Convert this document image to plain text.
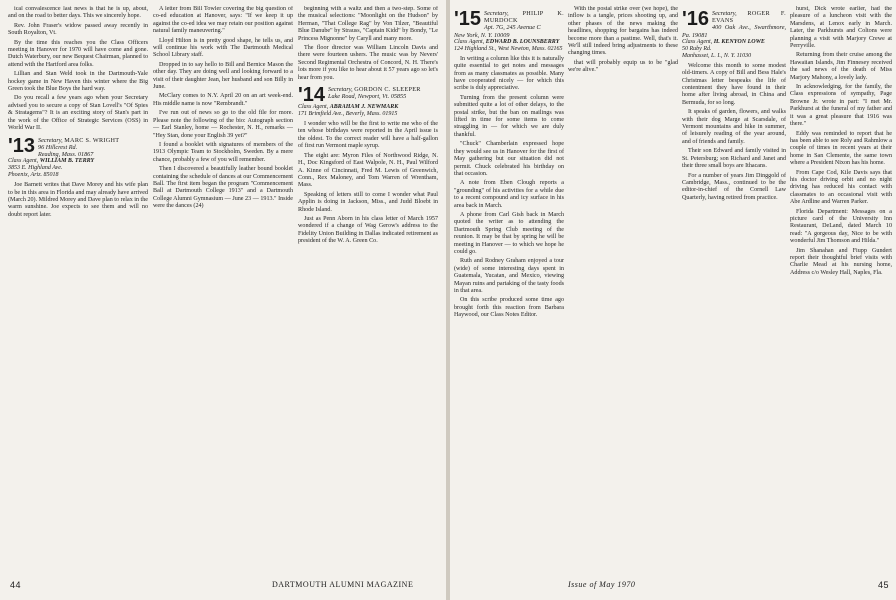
ical convalescence last news is that he is up, about, and on the road to better days. This we sincerely hope.

Rev. John Fraser's widow passed away recently in South Royalton, Vt.

By the time this reaches you the Class Officers meeting in Hanover for 1970 will have come and gone. Dutch Waterbury, our new Bequest Chairman, planned to attend with the Hartford area folks.

Lillian and Stan Weld took in the Dartmouth-Yale hockey game in New Haven this winter where the Big Green took the Blue Boys the hard way.

Do you recall a few years ago when your Secretary advised you to secure a copy of Stan Lovell's "Of Spies & Stratagems"? It is an exciting story of Stan's part in the work of the Office of Strategic Services (OSS) in World War II.

'13 Secretary, MARC S. WRIGHT
96 Hillcrest Rd.
Reading, Mass. 01867
Class Agent, WILLIAM B. TERRY
3853 E. Highland Ave.
Phoenix, Ariz. 85018

Joe Barnett writes that Dave Morey and his wife plan to be in this area in Florida and may already have arrived (March 20). Mildred Morey and Dave plan to relax in the warm sunshine. Joe expects to see them and will no doubt report later.

A letter from Bill Towler covering the big question of co-ed education at Hanover, says: "If we keep it up against the co-ed idea we may retain our position against natural family maneuvering."

Lloyd Hilton is in pretty good shape, he tells us, and will continue his work with The Dartmouth Medical School Library staff.

Dropped in to say hello to Bill and Bernice Mason the other day. They are doing well and looking forward to a visit of their daughter Jean, her husband and son Billy in June.

McClary comes to N.Y. April 20 on an art week-end. His middle name is now "Rembrandt."

I've run out of news so go to the old file for more. Please note the following of the bio: Autograph section — Earl Stanley, home — Rochester, N. H., remarks — "Hey Stan, done your English 39 yet?"

I found a booklet with signatures of members of the 1913 Olympic Team to Stockholm, Sweden. By a mere chance, probably a few of you will remember.

Then I discovered a beautifully leather bound booklet containing the schedule of dances at our Commencement Ball. The first item began the program "Commencement Ball at Dartmouth College 1913" and a Dartmouth College Alumni Gymnasium — June 23 — 1913." Inside were the dances (24)

beginning with a waltz and then a two-step. Some of the musical selections: "Moonlight on the Hudson" by Herman, "That College Rag" by Von Tilzer, "Beautiful Blue Danube" by Strauss, "Captain Kidd" by Bondy, "Le Princess Mignonne" by Caryll and many more.

The floor director was William Lincoln Davis and there were fourteen ushers. The music was by Nevers' Second Regimental Orchestra of Concord, N. H. There's lots more if you like to hear about it 57 years ago so let's hear from you.

'14 Secretary, GORDON C. SLEEPER
Lake Road, Newport, Vt. 05855
Class Agent, ABRAHAM J. NEWMARK
171 Brimfield Ave., Beverly, Mass. 01915

I wonder who will be the first to write me who of the ten whose birthdays were reported in the April issue is the oldest. To the correct reader will have a half-gallon of first run Vermont maple syrup.

The eight are: Myron Files of Northwood Ridge, N. H., Doc Kingsford of East Walpole, N. H., Paul Wilford A. Kinne of Cincinnati, Fred M. Lewis of Greenwich, Conn., Rex Maloney, and Tom Warren of Wrentham, Mass.

Speaking of letters still to come I wonder what Paul Applin is doing in Jackson, Miss., and Judd Bloebt in Rhode Island.

Just as Penn Aborn in his class letter of March 1957 wondered if a change of Wag Gerow's address to the Fidelity Union Building in Dallas indicated retirement as president of the W. A. Green Co.

44	DARTMOUTH ALUMNI MAGAZINE
'15 Secretary, PHILIP K. MURDOCK
Apt. 7G, 245 Avenue C
New York, N. Y. 10009
Class Agent, EDWARD B. LOUNSBERRY
124 Highland St., West Newton, Mass. 02165

In writing a column like this it is naturally quite essential to get notes and messages from as many classmates as possible. Many have cooperated nicely — for which this scribe is duly appreciative.

Turning from the present column were submitted quite a lot of other delays, to the postal strike, but the ban on mailings was lifted in time for some items to come straggling in — for which we are duly thankful.

"Chuck" Chamberlain expressed hope they would see us in Hanover for the first of May gathering but our situation did not permit. Chuck celebrated his birthday on that occasion.

A note from Eben Clough reports a "grounding" of his activities for a while due to a recent compound and icy surface in his area back in March.

A phone from Carl Gish back in March quoted the writer as to attending the Dartmouth Spring Club meeting of the reunion. It may be that by spring he will be meeting in Hanover — to which we hope he could go.

Ruth and Rodney Graham enjoyed a tour (wide) of some interesting days spent in Guatemala, Yucatan, and Mexico, viewing Mayan ruins and partaking of the tasty foods in that area.

On this scribe produced some time ago brought forth this reaction from Barbara Haywood, our Class Notes Editor.

With the postal strike over (we hope), the inflow is a tangle, prices shooting up, and other phases of the news making the headlines, shopping for bargains has indeed become more than a pastime. Well, that's it. We'll still indeed bring adjustments to these changing times.

that will probably equip us to be "glad we're alive."

'16 Secretary, ROGER F. EVANS
400 Oak Ave., Swarthmore, Pa. 19081
Class Agent, H. KENYON LOWE
50 Ruby Rd.
Manhasset, L. I., N. Y. 11030

Welcome this month to some modest old-timers. A copy of Bill and Bess Hale's Christmas letter bespeaks the life of contentment they have found in their home after living abroad, in China and Bermuda, for so long.

It speaks of garden, flowers, and walks with their dog Marge at Scarsdale, of Vermont mountains and hike in summer, of leisurely reading of the year around, and of friends and family.

Their son Edward and family visited in St. Petersburg; son Richard and Janet and their three small boys are Ithacans.

For a number of years Jim Dinggold of Cambridge, Mass., continued to be the editor-in-chief of the Cornell Law Quarterly, having retired from practice.

hurst, Dick wrote earlier, had the pleasure of a luncheon visit with the Marsdens, at Lenox early in March. Later, the Parkhursts and Coltons were planning a visit with Marjory Crewe at Perryville.

Returning from their cruise among the Hawaiian Islands, Jim Finnesey received the sad news of the death of Miss Marjory Mahony, a lovely lady.

In acknowledging, for the family, the Class expressions of sympathy, Page Browne Jr. wrote in part: "I met Mr. Parkhurst at the funeral of my father and it was a great pleasure that 1916 was there."

Eddy was reminded to report that he has been able to see Roly and Rahmlow a couple of times in recent years at their home in San Clemente, the same town where a President Nixon has his home.

From Cape Cod, Kile Davis says that his doctor driving orbit and no night driving has reduced his contact with classmates to an occasional visit with Abe Ardline and Warren Parker.

Florida Department: Messages on a picture card of the University Inn Restaurant, DeLand, dated March 10 read: "A gorgeous day, Nice to be with wonderful Jim Thomson and Hilda."

Jim Shanahan and Fiupp Gundert report their thoughtful brief visits with Charlie Mead at his nursing home, Address c/o Wesley Hall, Naples, Fla.

Issue of May 1970	45
